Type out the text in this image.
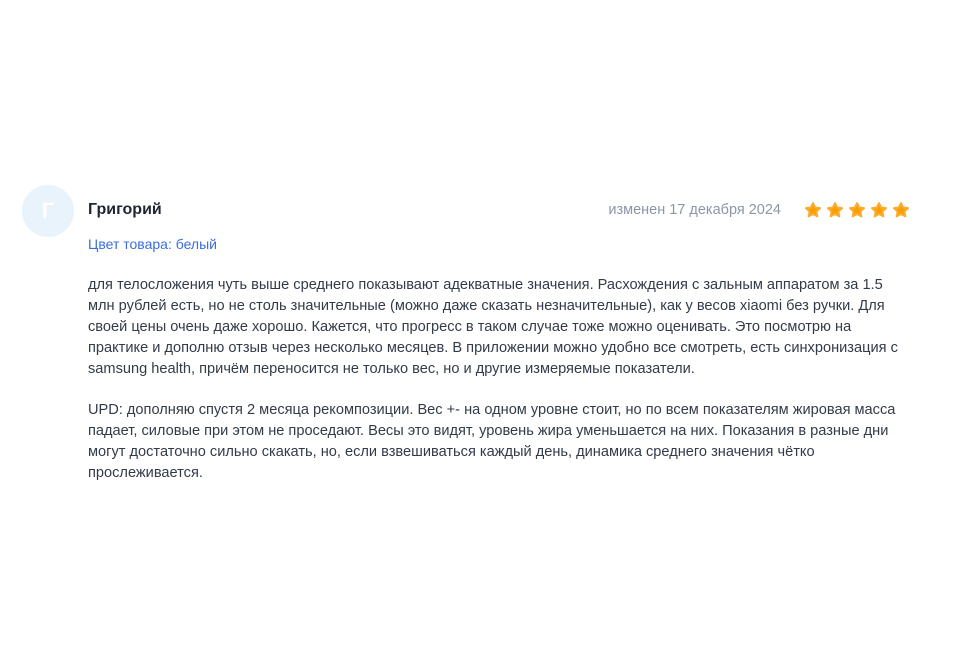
Г Григорий	изменен 17 декабря 2024
Цвет товара: белый

для телосложения чуть выше среднего показывают адекватные значения. Расхождения с зальным аппаратом за 1.5 млн рублей есть, но не столь значительные (можно даже сказать незначительные), как у весов xiaomi без ручки. Для своей цены очень даже хорошо. Кажется, что прогресс в таком случае тоже можно оценивать. Это посмотрю на практике и дополню отзыв через несколько месяцев. В приложении можно удобно все смотреть, есть синхронизация с samsung health, причём переносится не только вес, но и другие измеряемые показатели.

UPD: дополняю спустя 2 месяца рекомпозиции. Вес +- на одном уровне стоит, но по всем показателям жировая масса падает, силовые при этом не проседают. Весы это видят, уровень жира уменьшается на них. Показания в разные дни могут достаточно сильно скакать, но, если взвешиваться каждый день, динамика среднего значения чётко прослеживается.
